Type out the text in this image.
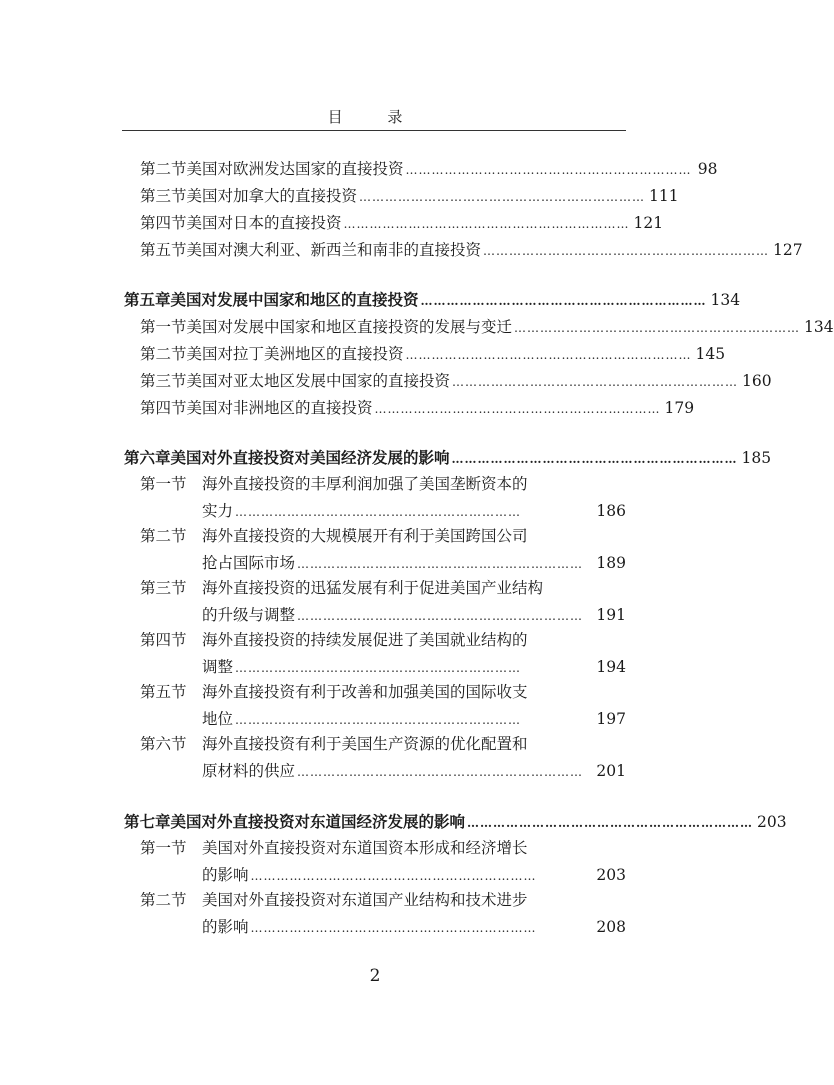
目 录
第二节 美国对欧洲发达国家的直接投资 ………………………………………………………… 98
第三节 美国对加拿大的直接投资 ………………………………………………………… 111
第四节 美国对日本的直接投资 ………………………………………………………… 121
第五节 美国对澳大利亚、新西兰和南非的直接投资 ………………………………………………………… 127
第五章 美国对发展中国家和地区的直接投资 ………………………………………………………… 134
第一节 美国对发展中国家和地区直接投资的发展与变迁 ………………………………………………………… 134
第二节 美国对拉丁美洲地区的直接投资 ………………………………………………………… 145
第三节 美国对亚太地区发展中国家的直接投资 ………………………………………………………… 160
第四节 美国对非洲地区的直接投资 ………………………………………………………… 179
第六章 美国对外直接投资对美国经济发展的影响 ………………………………………………………… 185
第一节 海外直接投资的丰厚利润加强了美国垄断资本的
实力 …………………………………………………………	186
第二节 海外直接投资的大规模展开有利于美国跨国公司
抢占国际市场 ………………………………………………………… 189
第三节 海外直接投资的迅猛发展有利于促进美国产业结构
的升级与调整 ………………………………………………………… 191
第四节 海外直接投资的持续发展促进了美国就业结构的
调整 …………………………………………………………	194
第五节 海外直接投资有利于改善和加强美国的国际收支
地位 …………………………………………………………	197
第六节 海外直接投资有利于美国生产资源的优化配置和
原材料的供应 ………………………………………………………… 201
第七章 美国对外直接投资对东道国经济发展的影响 ………………………………………………………… 203
第一节 美国对外直接投资对东道国资本形成和经济增长
的影响 …………………………………………………………	203
第二节 美国对外直接投资对东道国产业结构和技术进步
的影响 …………………………………………………………	208
2
